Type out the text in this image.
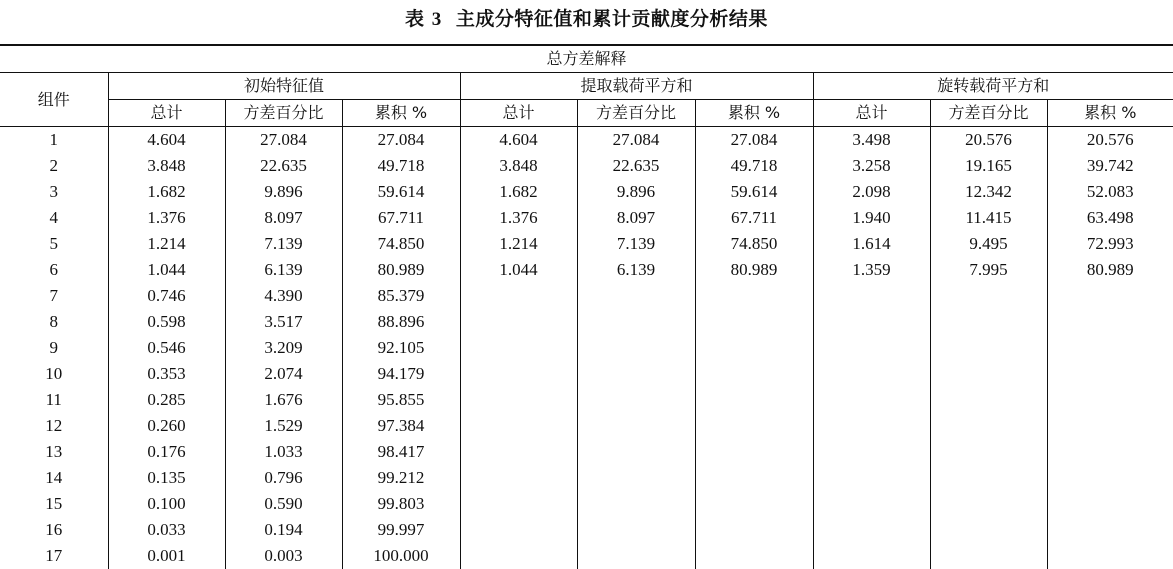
表 3 主成分特征值和累计贡献度分析结果
总方差解释									
组件	初始特征值			提取载荷平方和			旋转载荷平方和		
	总计	方差百分比	累积 %	总计	方差百分比	累积 %	总计	方差百分比	累积 %
1	4.604	27.084	27.084	4.604	27.084	27.084	3.498	20.576	20.576
2	3.848	22.635	49.718	3.848	22.635	49.718	3.258	19.165	39.742
3	1.682	9.896	59.614	1.682	9.896	59.614	2.098	12.342	52.083
4	1.376	8.097	67.711	1.376	8.097	67.711	1.940	11.415	63.498
5	1.214	7.139	74.850	1.214	7.139	74.850	1.614	9.495	72.993
6	1.044	6.139	80.989	1.044	6.139	80.989	1.359	7.995	80.989
7	0.746	4.390	85.379						
8	0.598	3.517	88.896						
9	0.546	3.209	92.105						
10	0.353	2.074	94.179						
11	0.285	1.676	95.855						
12	0.260	1.529	97.384						
13	0.176	1.033	98.417						
14	0.135	0.796	99.212						
15	0.100	0.590	99.803						
16	0.033	0.194	99.997						
17	0.001	0.003	100.000						
